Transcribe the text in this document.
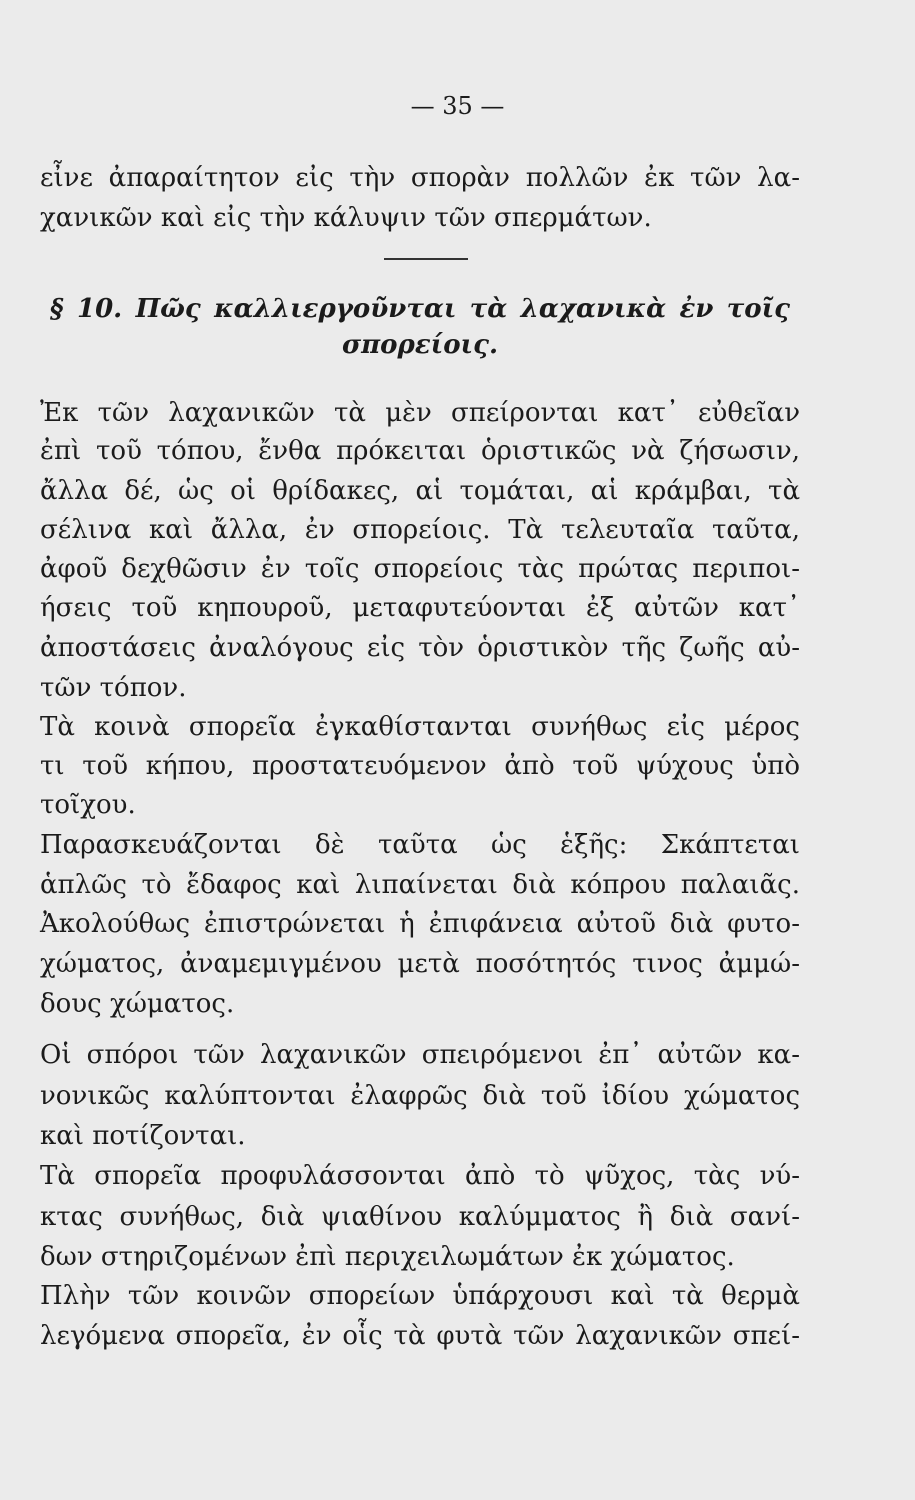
— 35 —
εἶνε ἀπαραίτητον εἰς τὴν σπορὰν πολλῶν ἐκ τῶν λα-
χανικῶν καὶ εἰς τὴν κάλυψιν τῶν σπερμάτων.
§ 10. Πῶς καλλιεργοῦνται τὰ λαχανικὰ ἐν τοῖς
σπορείοις.
Ἐκ τῶν λαχανικῶν τὰ μὲν σπείρονται κατ᾽ εὐθεῖαν
ἐπὶ τοῦ τόπου, ἔνθα πρόκειται ὁριστικῶς νὰ ζήσωσιν,
ἄλλα δέ, ὡς οἱ θρίδακες, αἱ τομάται, αἱ κράμβαι, τὰ
σέλινα καὶ ἄλλα, ἐν σπορείοις. Τὰ τελευταῖα ταῦτα,
ἀφοῦ δεχθῶσιν ἐν τοῖς σπορείοις τὰς πρώτας περιποι-
ήσεις τοῦ κηπουροῦ, μεταφυτεύονται ἐξ αὐτῶν κατ᾽
ἀποστάσεις ἀναλόγους εἰς τὸν ὁριστικὸν τῆς ζωῆς αὐ-
τῶν τόπον.
Τὰ κοινὰ σπορεῖα ἐγκαθίστανται συνήθως εἰς μέρος
τι τοῦ κήπου, προστατευόμενον ἀπὸ τοῦ ψύχους ὑπὸ
τοῖχου.
Παρασκευάζονται δὲ ταῦτα ὡς ἑξῆς: Σκάπτεται
ἁπλῶς τὸ ἔδαφος καὶ λιπαίνεται διὰ κόπρου παλαιᾶς.
Ἀκολούθως ἐπιστρώνεται ἡ ἐπιφάνεια αὐτοῦ διὰ φυτο-
χώματος, ἀναμεμιγμένου μετὰ ποσότητός τινος ἀμμώ-
δους χώματος.
Οἱ σπόροι τῶν λαχανικῶν σπειρόμενοι ἐπ᾽ αὐτῶν κα-
νονικῶς καλύπτονται ἐλαφρῶς διὰ τοῦ ἰδίου χώματος
καὶ ποτίζονται.
Τὰ σπορεῖα προφυλάσσονται ἀπὸ τὸ ψῦχος, τὰς νύ-
κτας συνήθως, διὰ ψιαθίνου καλύμματος ἢ διὰ σανί-
δων στηριζομένων ἐπὶ περιχειλωμάτων ἐκ χώματος.
Πλὴν τῶν κοινῶν σπορείων ὑπάρχουσι καὶ τὰ θερμὰ
λεγόμενα σπορεῖα, ἐν οἷς τὰ φυτὰ τῶν λαχανικῶν σπεί-
